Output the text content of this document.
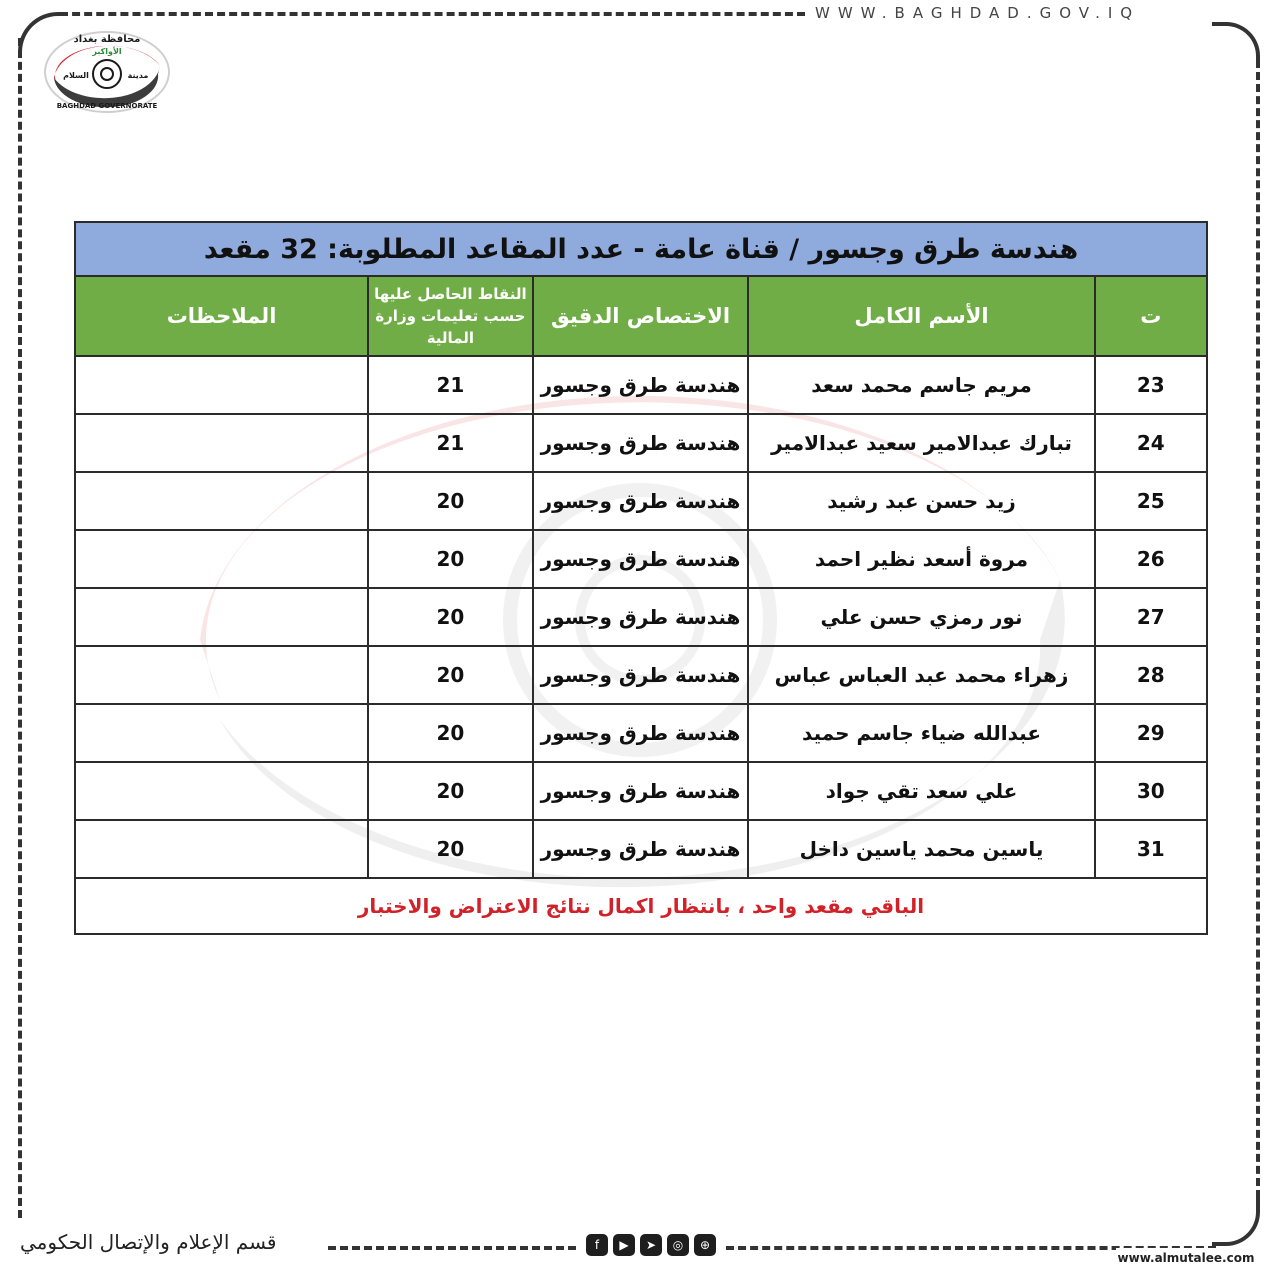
WWW.BAGHDAD.GOV.IQ
محافظة بغداد
الأواكبر
مدينة
السلام
BAGHDAD GOVERNORATE
هندسة طرق وجسور / قناة عامة - عدد المقاعد المطلوبة: 32 مقعد				
ت	الأسم الكامل	الاختصاص الدقيق	النقاط الحاصل عليها حسب تعليمات وزارة المالية	الملاحظات
23	مريم جاسم محمد سعد	هندسة طرق وجسور	21	
24	تبارك عبدالامير سعيد عبدالامير	هندسة طرق وجسور	21	
25	زيد حسن عبد رشيد	هندسة طرق وجسور	20	
26	مروة أسعد نظير احمد	هندسة طرق وجسور	20	
27	نور رمزي حسن علي	هندسة طرق وجسور	20	
28	زهراء محمد عبد العباس عباس	هندسة طرق وجسور	20	
29	عبدالله ضياء جاسم حميد	هندسة طرق وجسور	20	
30	علي سعد تقي جواد	هندسة طرق وجسور	20	
31	ياسين محمد ياسين داخل	هندسة طرق وجسور	20	
الباقي مقعد واحد ، بانتظار اكمال نتائج الاعتراض والاختبار				
قسم الإعلام والإتصال الحكومي	f	▶	➤	◎	⊕
www.almutalee.com
